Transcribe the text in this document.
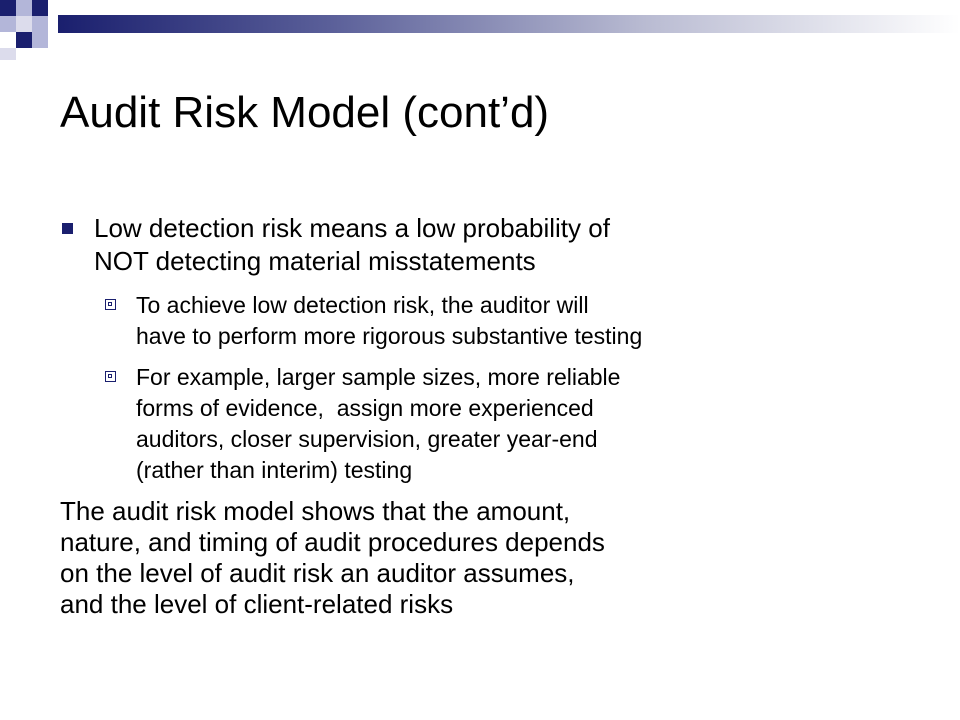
Audit Risk Model (cont’d)
Low detection risk means a low probability of
NOT detecting material misstatements
To achieve low detection risk, the auditor will
have to perform more rigorous substantive testing
For example, larger sample sizes, more reliable
forms of evidence,  assign more experienced
auditors, closer supervision, greater year-end
(rather than interim) testing
The audit risk model shows that the amount,
nature, and timing of audit procedures depends
on the level of audit risk an auditor assumes,
and the level of client-related risks
